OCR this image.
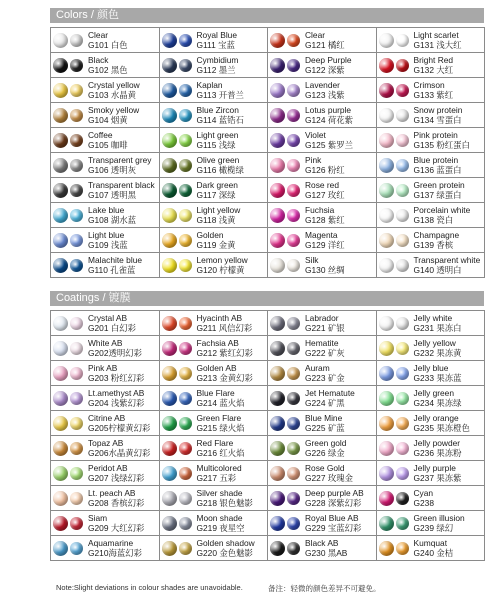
Colors / 颜色
Clear
G101 白色
Royal Blue
G111 宝蓝
Clear
G121 橘红
Light scarlet
G131 浅大红
Black
G102 黑色
Cymbidium
G112 墨兰
Deep Purple
G122 深紫
Bright Red
G132 大红
Crystal yellow
G103 水晶黄
Kaplan
G113 开普兰
Lavender
G123 浅紫
Crimson
G133 紫红
Smoky yellow
G104 烟黄
Blue Zircon
G114 蓝锆石
Lotus purple
G124 荷花紫
Snow protein
G134 雪蛋白
Coffee
G105 咖啡
Light green
G115 浅绿
Violet
G125 紫罗兰
Pink protein
G135 粉红蛋白
Transparent grey
G106 透明灰
Olive green
G116 橄榄绿
Pink
G126 粉红
Blue protein
G136 蓝蛋白
Transparent black
G107 透明黑
Dark green
G117 深绿
Rose red
G127 玫红
Green protein
G137 绿蛋白
Lake blue
G108 湖水蓝
Light yellow
G118 浅黄
Fuchsia
G128 紫红
Porcelain white
G138 瓷白
Light blue
G109 浅蓝
Golden
G119 金黄
Magenta
G129 洋红
Champagne
G139 香槟
Malachite blue
G110 孔雀蓝
Lemon yellow
G120 柠檬黄
Silk
G130 丝绸
Transparent white
G140 透明白
Coatings / 镀膜
Crystal AB
G201 白幻彩
Hyacinth AB
G211 风信幻彩
Labrador
G221 矿银
Jelly white
G231 果冻白
White AB
G202透明幻彩
Fachsia AB
G212 紫红幻彩
Hematite
G222 矿灰
Jelly yellow
G232 果冻黄
Pink AB
G203 粉红幻彩
Golden AB
G213 金黄幻彩
Auram
G223 矿金
Jelly blue
G233 果冻蓝
Lt.amethyst AB
G204 浅紫幻彩
Blue Flare
G214 蓝火焰
Jet Hematute
G224 矿黑
Jelly green
G234 果冻绿
Citrine AB
G205柠檬黄幻彩
Green Flare
G215 绿火焰
Blue Mine
G225 矿蓝
Jelly orange
G235 果冻橙色
Topaz AB
G206水晶黄幻彩
Red Flare
G216 红火焰
Green gold
G226 绿金
Jelly powder
G236 果冻粉
Peridot AB
G207 浅绿幻彩
Multicolored
G217 五彩
Rose Gold
G227 玫瑰金
Jelly purple
G237 果冻紫
Lt. peach AB
G208 香槟幻彩
Silver shade
G218 银色魅影
Deep purple AB
G228 深紫幻彩
Cyan
G238
Siam
G209 大红幻彩
Moon shade
G219 夜星空
Royal Blue AB
G229 宝蓝幻彩
Green illusion
G239 绿幻
Aquamarine
G210海蓝幻彩
Golden shadow
G220 金色魅影
Black AB
G230 黑AB
Kumquat
G240 金桔
Note:Slight deviations in colour shades are unavoidable.	备注：轻微的颜色差异不可避免。
